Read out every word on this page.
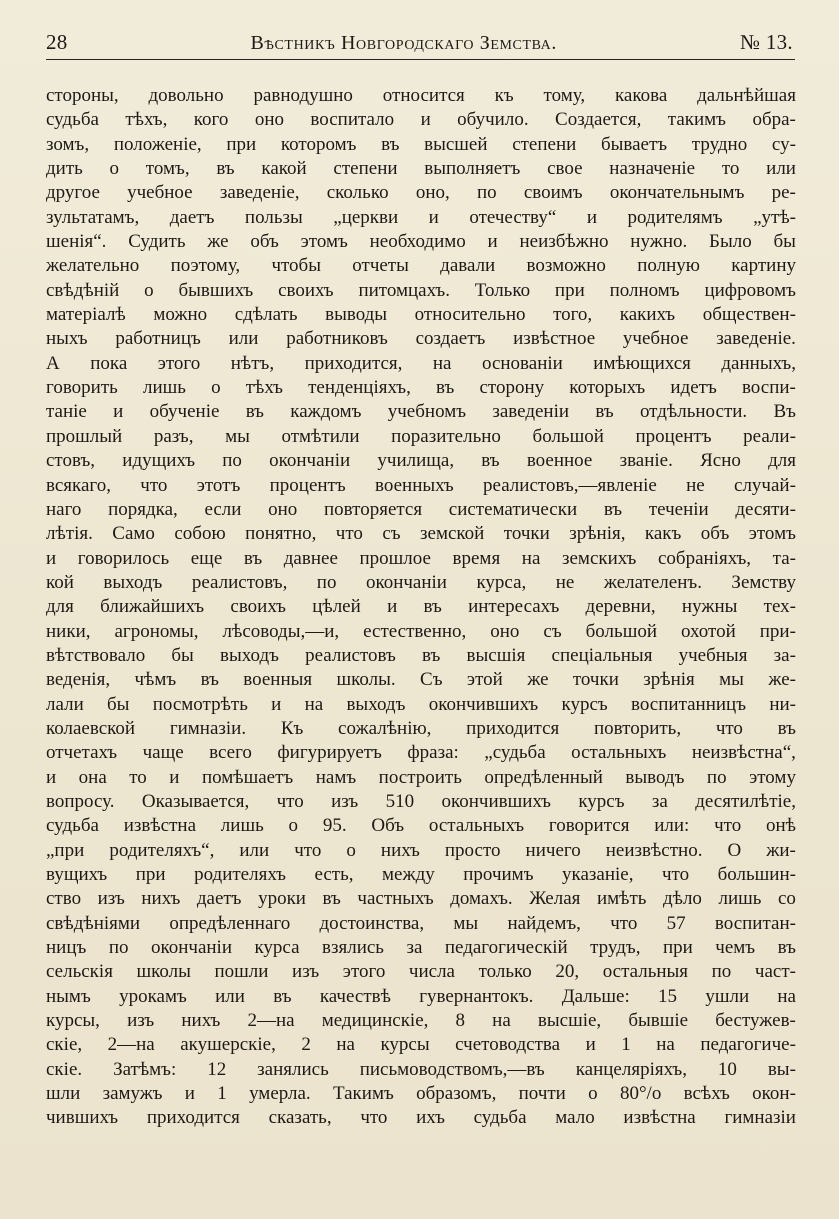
28	Вѣстникъ Новгородскаго Земства.	№ 13.
стороны, довольно равнодушно относится къ тому, какова дальнѣйшая
судьба тѣхъ, кого оно воспитало и обучило. Создается, такимъ обра-
зомъ, положеніе, при которомъ въ высшей степени бываетъ трудно су-
дить о томъ, въ какой степени выполняетъ свое назначеніе то или
другое учебное заведеніе, сколько оно, по своимъ окончательнымъ ре-
зультатамъ, даетъ пользы „церкви и отечеству“ и родителямъ „утѣ-
шенія“. Судить же объ этомъ необходимо и неизбѣжно нужно. Было бы
желательно поэтому, чтобы отчеты давали возможно полную картину
свѣдѣній о бывшихъ своихъ питомцахъ. Только при полномъ цифровомъ
матеріалѣ можно сдѣлать выводы относительно того, какихъ обществен-
ныхъ работницъ или работниковъ создаетъ извѣстное учебное заведеніе.
А пока этого нѣтъ, приходится, на основаніи имѣющихся данныхъ,
говорить лишь о тѣхъ тенденціяхъ, въ сторону которыхъ идетъ воспи-
таніе и обученіе въ каждомъ учебномъ заведеніи въ отдѣльности. Въ
прошлый разъ, мы отмѣтили поразительно большой процентъ реали-
стовъ, идущихъ по окончаніи училища, въ военное званіе. Ясно для
всякаго, что этотъ процентъ военныхъ реалистовъ,—явленіе не случай-
наго порядка, если оно повторяется систематически въ теченіи десяти-
лѣтія. Само собою понятно, что съ земской точки зрѣнія, какъ объ этомъ
и говорилось еще въ давнее прошлое время на земскихъ собраніяхъ, та-
кой выходъ реалистовъ, по окончаніи курса, не желателенъ. Земству
для ближайшихъ своихъ цѣлей и въ интересахъ деревни, нужны тех-
ники, агрономы, лѣсоводы,—и, естественно, оно съ большой охотой при-
вѣтствовало бы выходъ реалистовъ въ высшія спеціальныя учебныя за-
веденія, чѣмъ въ военныя школы. Съ этой же точки зрѣнія мы же-
лали бы посмотрѣть и на выходъ окончившихъ курсъ воспитанницъ ни-
колаевской гимназіи. Къ сожалѣнію, приходится повторить, что въ
отчетахъ чаще всего фигурируетъ фраза: „судьба остальныхъ неизвѣстна“,
и она то и помѣшаетъ намъ построить опредѣленный выводъ по этому
вопросу. Оказывается, что изъ 510 окончившихъ курсъ за десятилѣтіе,
судьба извѣстна лишь о 95. Объ остальныхъ говорится или: что онѣ
„при родителяхъ“, или что о нихъ просто ничего неизвѣстно. О жи-
вущихъ при родителяхъ есть, между прочимъ указаніе, что большин-
ство изъ нихъ даетъ уроки въ частныхъ домахъ. Желая имѣть дѣло лишь со
свѣдѣніями опредѣленнаго достоинства, мы найдемъ, что 57 воспитан-
ницъ по окончаніи курса взялись за педагогическій трудъ, при чемъ въ
сельскія школы пошли изъ этого числа только 20, остальныя по част-
нымъ урокамъ или въ качествѣ гувернантокъ. Дальше: 15 ушли на
курсы, изъ нихъ 2—на медицинскіе, 8 на высшіе, бывшіе бестужев-
скіе, 2—на акушерскіе, 2 на курсы счетоводства и 1 на педагогиче-
скіе. Затѣмъ: 12 занялись письмоводствомъ,—въ канцеляріяхъ, 10 вы-
шли замужъ и 1 умерла. Такимъ образомъ, почти о 80°/о всѣхъ окон-
чившихъ приходится сказать, что ихъ судьба мало извѣстна гимназіи
